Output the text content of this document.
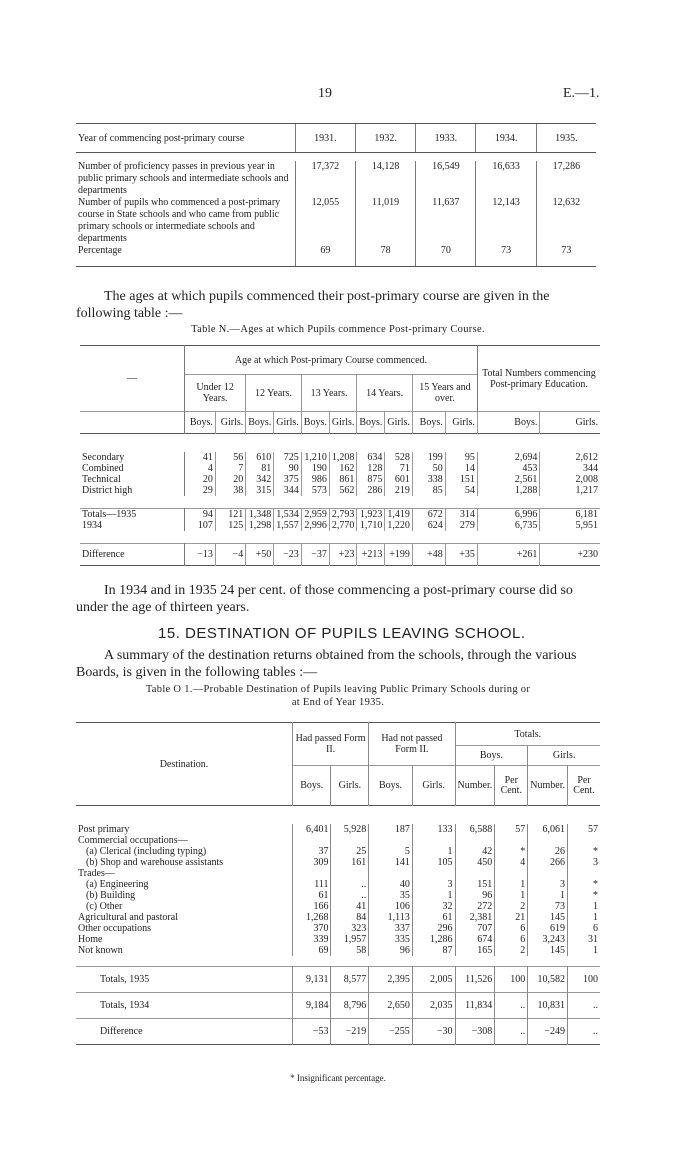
19	E.—1.
Year of commencing post-primary course	1931.	1932.	1933.	1934.	1935.

Number of proficiency passes in previous year in public primary schools and intermediate schools and departments	17,372	14,128	16,549	16,633	17,286
Number of pupils who commenced a post-primary course in State schools and who came from public primary schools or intermediate schools and departments	12,055	11,019	11,637	12,143	12,632
Percentage	69	78	70	73	73
The ages at which pupils commenced their post-primary course are given in the following table :—
Table N.—Ages at which Pupils commence Post-primary Course.
—	Age at which Post-primary Course commenced.										Total Numbers commencing Post-primary Education.	
	Under 12 Years.		12 Years.		13 Years.		14 Years.		15 Years and over.			
	Boys.	Girls.	Boys.	Girls.	Boys.	Girls.	Boys.	Girls.	Boys.	Girls.	Boys.	Girls.

Secondary	41	56	610	725	1,210	1,208	634	528	199	95	2,694	2,612
Combined	4	7	81	90	190	162	128	71	50	14	453	344
Technical	20	20	342	375	986	861	875	601	338	151	2,561	2,008
District high	29	38	315	344	573	562	286	219	85	54	1,288	1,217

Totals—1935	94	121	1,348	1,534	2,959	2,793	1,923	1,419	672	314	6,996	6,181
1934	107	125	1,298	1,557	2,996	2,770	1,710	1,220	624	279	6,735	5,951

Difference	−13	−4	+50	−23	−37	+23	+213	+199	+48	+35	+261	+230
In 1934 and in 1935 24 per cent. of those commencing a post-primary course did so under the age of thirteen years.
15. DESTINATION OF PUPILS LEAVING SCHOOL.
A summary of the destination returns obtained from the schools, through the various Boards, is given in the following tables :—
Table O 1.—Probable Destination of Pupils leaving Public Primary Schools during or
at End of Year 1935.
Destination.	Had passed Form II.		Had not passed Form II.		Totals.			
					Boys.		Girls.	
	Boys.	Girls.	Boys.	Girls.	Number.	Per Cent.	Number.	Per Cent.

Post primary	6,401	5,928	187	133	6,588	57	6,061	57
Commercial occupations—								
(a) Clerical (including typing)	37	25	5	1	42	*	26	*
(b) Shop and warehouse assistants	309	161	141	105	450	4	266	3
Trades—								
(a) Engineering	111	..	40	3	151	1	3	*
(b) Building	61	..	35	1	96	1	1	*
(c) Other	166	41	106	32	272	2	73	1
Agricultural and pastoral	1,268	84	1,113	61	2,381	21	145	1
Other occupations	370	323	337	296	707	6	619	6
Home	339	1,957	335	1,286	674	6	3,243	31
Not known	69	58	96	87	165	2	145	1

Totals, 1935	9,131	8,577	2,395	2,005	11,526	100	10,582	100
Totals, 1934	9,184	8,796	2,650	2,035	11,834	..	10,831	..
Difference	−53	−219	−255	−30	−308	..	−249	..
* Insignificant percentage.
